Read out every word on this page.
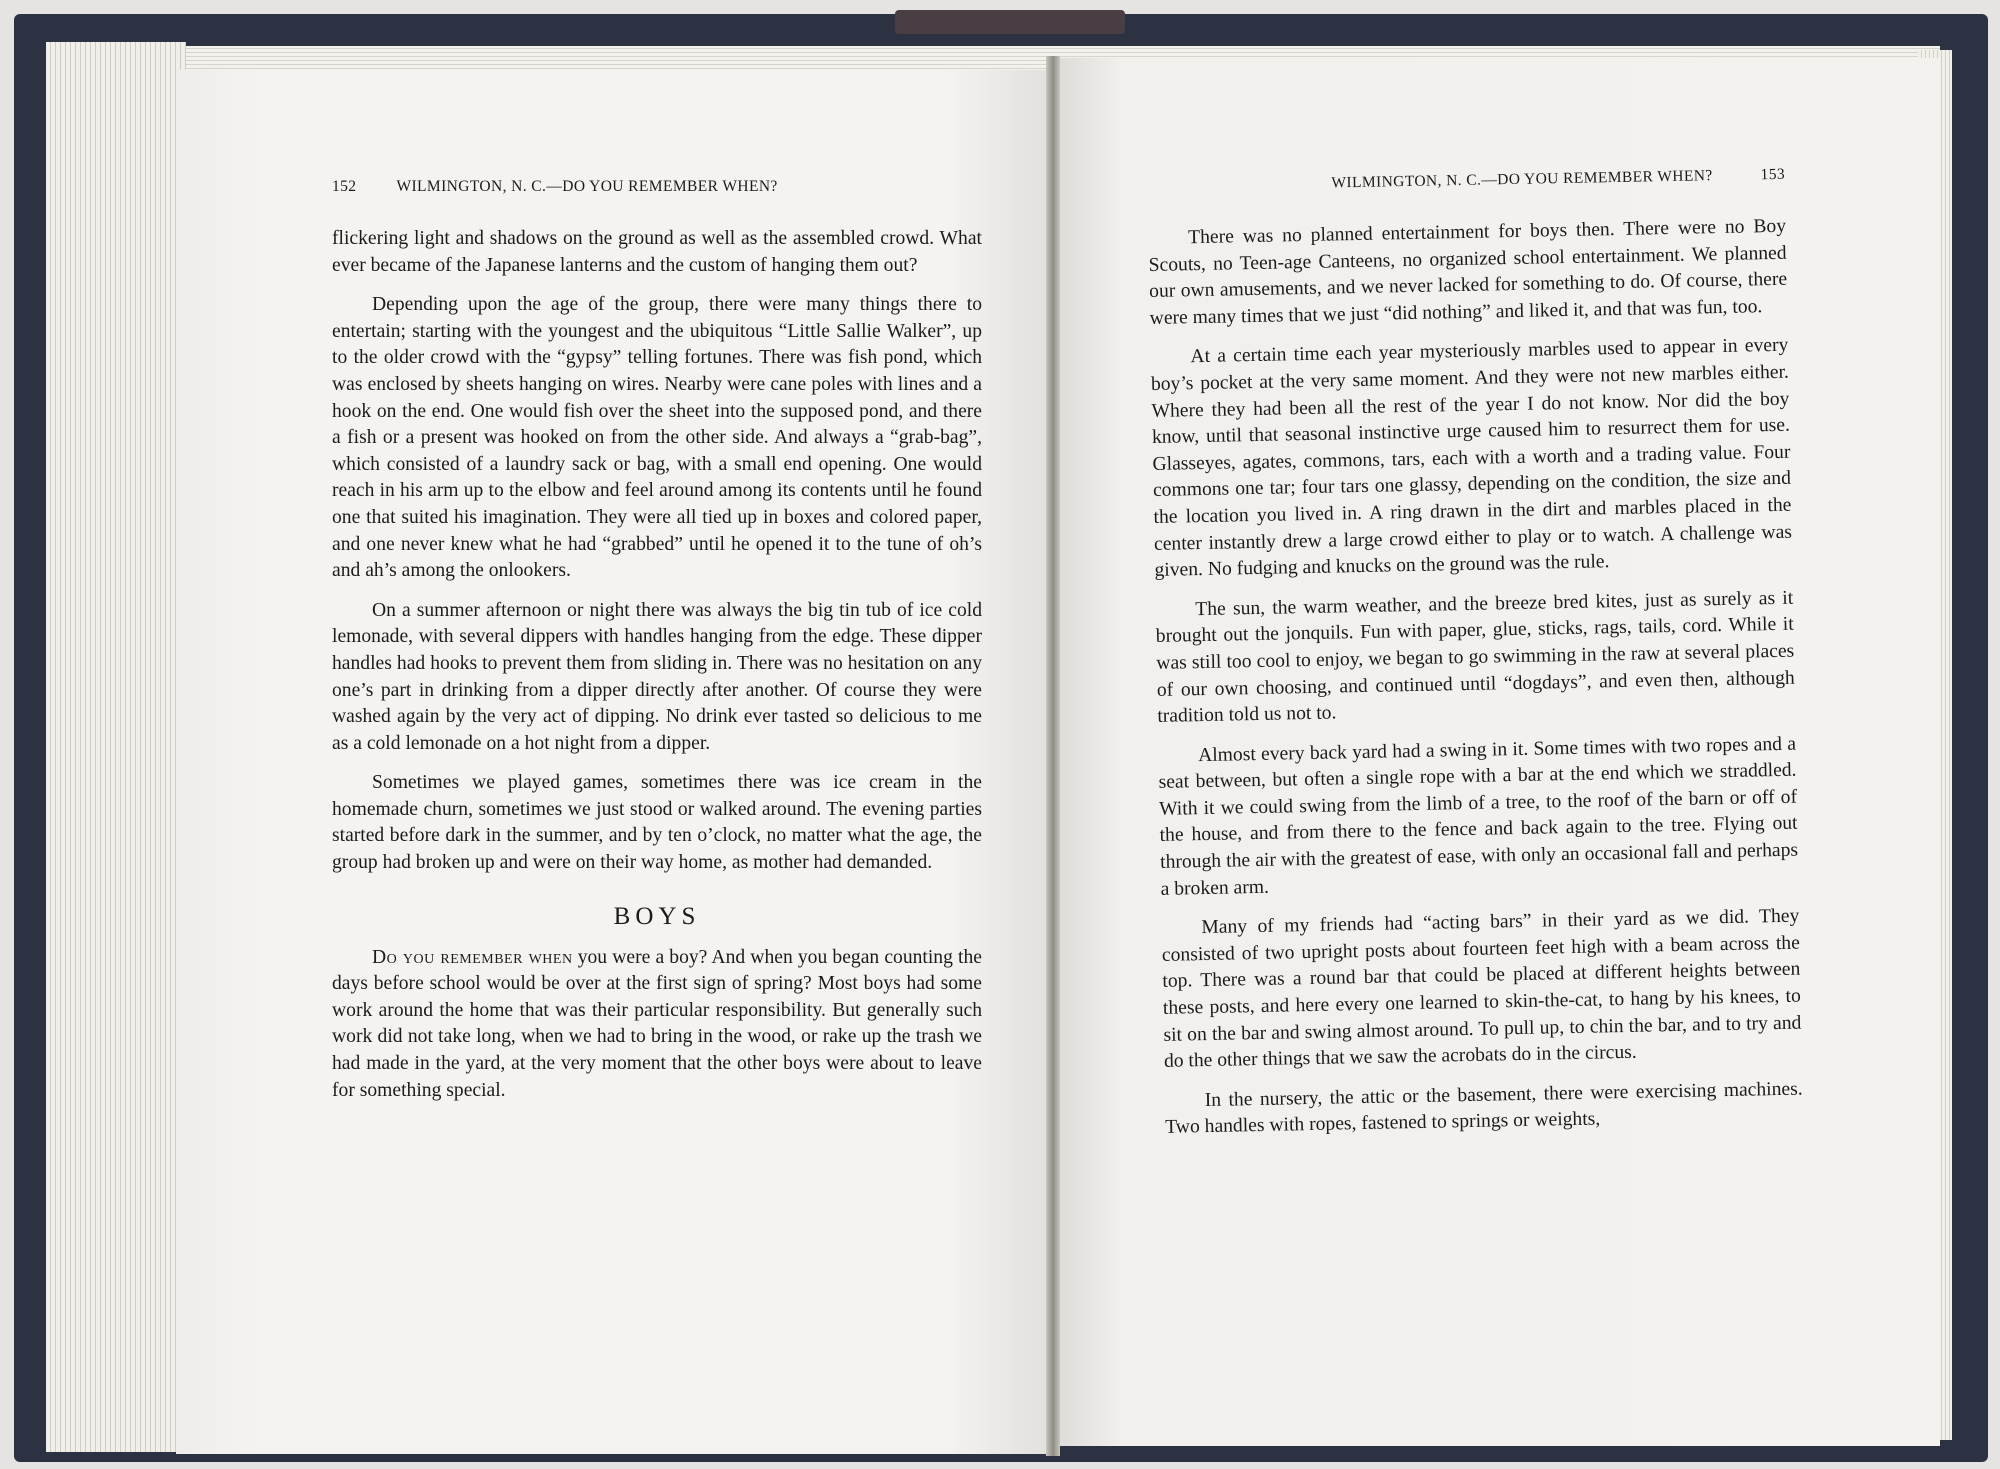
152	WILMINGTON, N. C.—DO YOU REMEMBER WHEN?

flickering light and shadows on the ground as well as the assembled crowd. What ever became of the Japanese lanterns and the custom of hanging them out?

Depending upon the age of the group, there were many things there to entertain; starting with the youngest and the ubiquitous “Little Sallie Walker”, up to the older crowd with the “gypsy” telling fortunes. There was fish pond, which was enclosed by sheets hanging on wires. Nearby were cane poles with lines and a hook on the end. One would fish over the sheet into the supposed pond, and there a fish or a present was hooked on from the other side. And always a “grab-bag”, which consisted of a laundry sack or bag, with a small end opening. One would reach in his arm up to the elbow and feel around among its contents until he found one that suited his imagination. They were all tied up in boxes and colored paper, and one never knew what he had “grabbed” until he opened it to the tune of oh’s and ah’s among the onlookers.

On a summer afternoon or night there was always the big tin tub of ice cold lemonade, with several dippers with handles hanging from the edge. These dipper handles had hooks to prevent them from sliding in. There was no hesitation on any one’s part in drinking from a dipper directly after another. Of course they were washed again by the very act of dipping. No drink ever tasted so delicious to me as a cold lemonade on a hot night from a dipper.

Sometimes we played games, sometimes there was ice cream in the homemade churn, sometimes we just stood or walked around. The evening parties started before dark in the summer, and by ten o’clock, no matter what the age, the group had broken up and were on their way home, as mother had demanded.

BOYS

Do you remember when you were a boy? And when you began counting the days before school would be over at the first sign of spring? Most boys had some work around the home that was their particular responsibility. But generally such work did not take long, when we had to bring in the wood, or rake up the trash we had made in the yard, at the very moment that the other boys were about to leave for something special.

WILMINGTON, N. C.—DO YOU REMEMBER WHEN?	153

There was no planned entertainment for boys then. There were no Boy Scouts, no Teen-age Canteens, no organized school entertainment. We planned our own amusements, and we never lacked for something to do. Of course, there were many times that we just “did nothing” and liked it, and that was fun, too.

At a certain time each year mysteriously marbles used to appear in every boy’s pocket at the very same moment. And they were not new marbles either. Where they had been all the rest of the year I do not know. Nor did the boy know, until that seasonal instinctive urge caused him to resurrect them for use. Glasseyes, agates, commons, tars, each with a worth and a trading value. Four commons one tar; four tars one glassy, depending on the condition, the size and the location you lived in. A ring drawn in the dirt and marbles placed in the center instantly drew a large crowd either to play or to watch. A challenge was given. No fudging and knucks on the ground was the rule.

The sun, the warm weather, and the breeze bred kites, just as surely as it brought out the jonquils. Fun with paper, glue, sticks, rags, tails, cord. While it was still too cool to enjoy, we began to go swimming in the raw at several places of our own choosing, and continued until “dogdays”, and even then, although tradition told us not to.

Almost every back yard had a swing in it. Some times with two ropes and a seat between, but often a single rope with a bar at the end which we straddled. With it we could swing from the limb of a tree, to the roof of the barn or off of the house, and from there to the fence and back again to the tree. Flying out through the air with the greatest of ease, with only an occasional fall and perhaps a broken arm.

Many of my friends had “acting bars” in their yard as we did. They consisted of two upright posts about fourteen feet high with a beam across the top. There was a round bar that could be placed at different heights between these posts, and here every one learned to skin-the-cat, to hang by his knees, to sit on the bar and swing almost around. To pull up, to chin the bar, and to try and do the other things that we saw the acrobats do in the circus.

In the nursery, the attic or the basement, there were exercising machines. Two handles with ropes, fastened to springs or weights,
